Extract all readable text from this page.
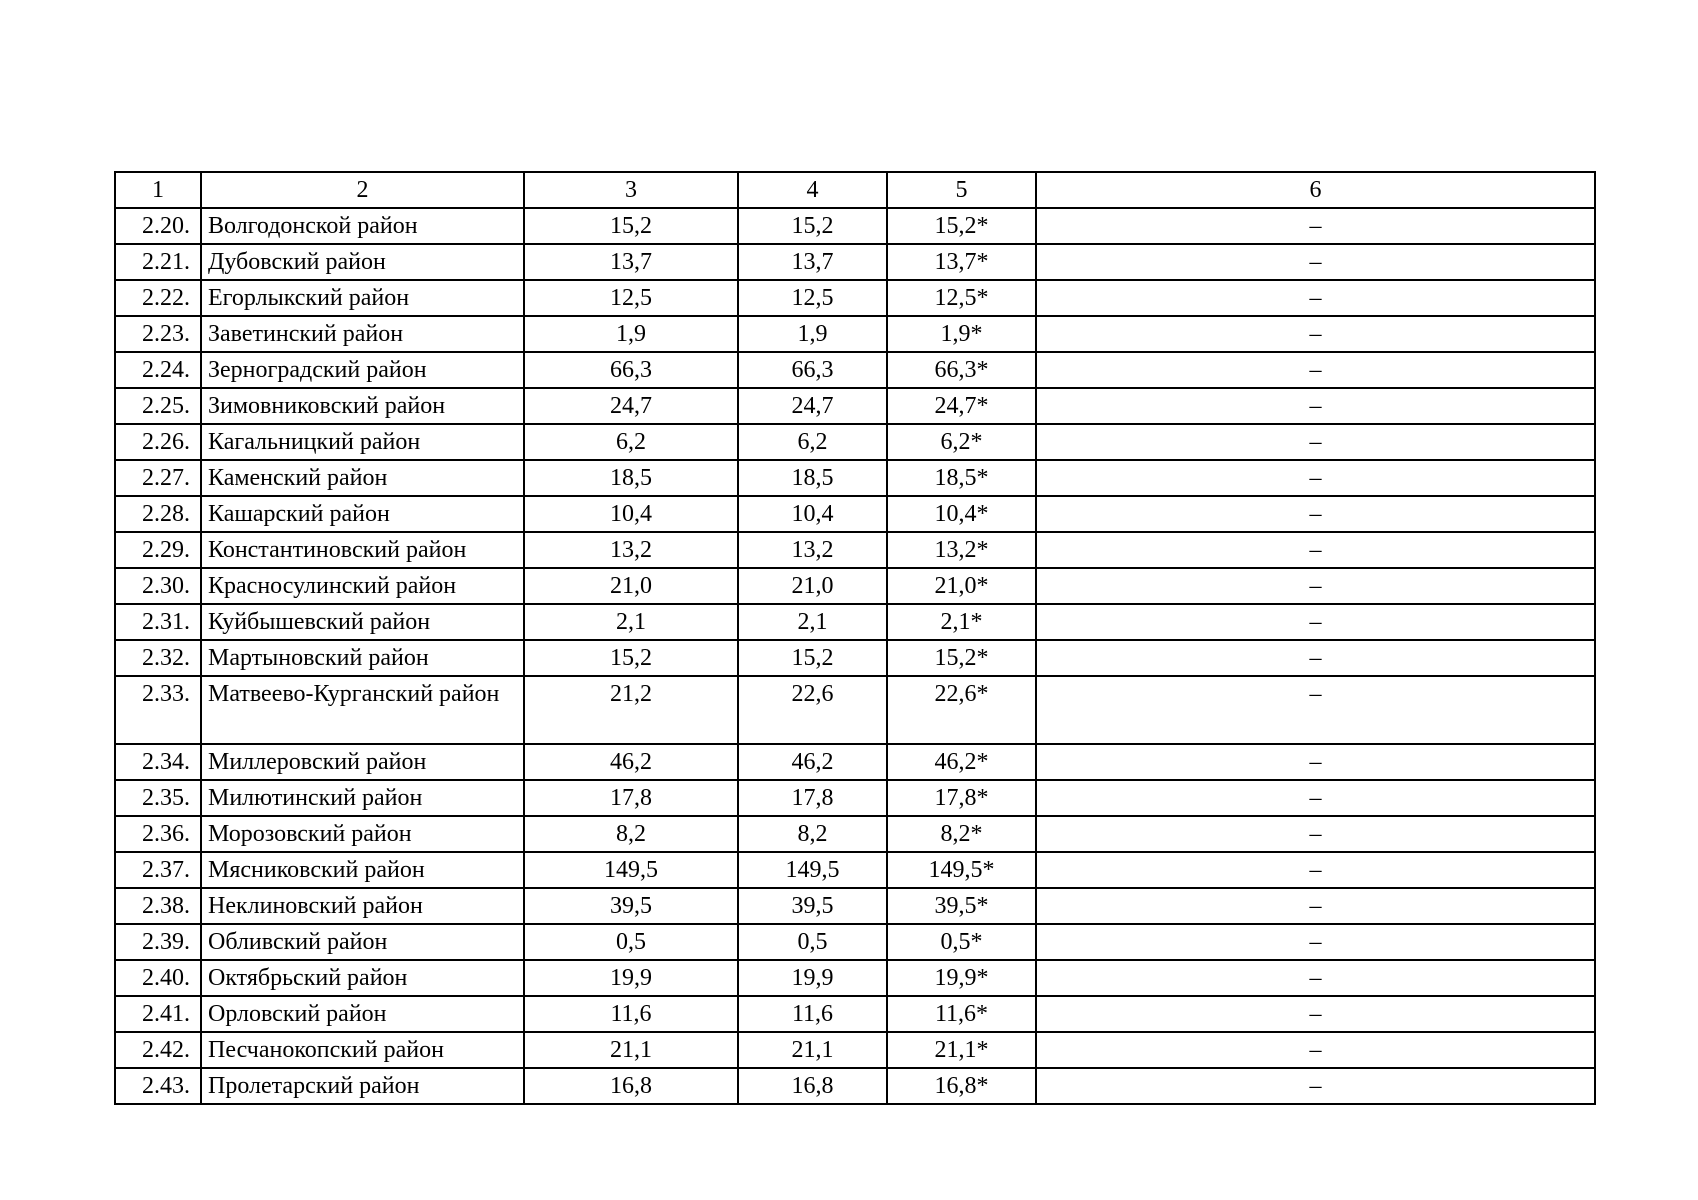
1	2	3	4	5	6
2.20.	Волгодонской район	15,2	15,2	15,2*	–
2.21.	Дубовский район	13,7	13,7	13,7*	–
2.22.	Егорлыкский район	12,5	12,5	12,5*	–
2.23.	Заветинский район	1,9	1,9	1,9*	–
2.24.	Зерноградский район	66,3	66,3	66,3*	–
2.25.	Зимовниковский район	24,7	24,7	24,7*	–
2.26.	Кагальницкий район	6,2	6,2	6,2*	–
2.27.	Каменский район	18,5	18,5	18,5*	–
2.28.	Кашарский район	10,4	10,4	10,4*	–
2.29.	Константиновский район	13,2	13,2	13,2*	–
2.30.	Красносулинский район	21,0	21,0	21,0*	–
2.31.	Куйбышевский район	2,1	2,1	2,1*	–
2.32.	Мартыновский район	15,2	15,2	15,2*	–
2.33.	Матвеево-Курганский район	21,2	22,6	22,6*	–
2.34.	Миллеровский район	46,2	46,2	46,2*	–
2.35.	Милютинский район	17,8	17,8	17,8*	–
2.36.	Морозовский район	8,2	8,2	8,2*	–
2.37.	Мясниковский район	149,5	149,5	149,5*	–
2.38.	Неклиновский район	39,5	39,5	39,5*	–
2.39.	Обливский район	0,5	0,5	0,5*	–
2.40.	Октябрьский район	19,9	19,9	19,9*	–
2.41.	Орловский район	11,6	11,6	11,6*	–
2.42.	Песчанокопский район	21,1	21,1	21,1*	–
2.43.	Пролетарский район	16,8	16,8	16,8*	–
